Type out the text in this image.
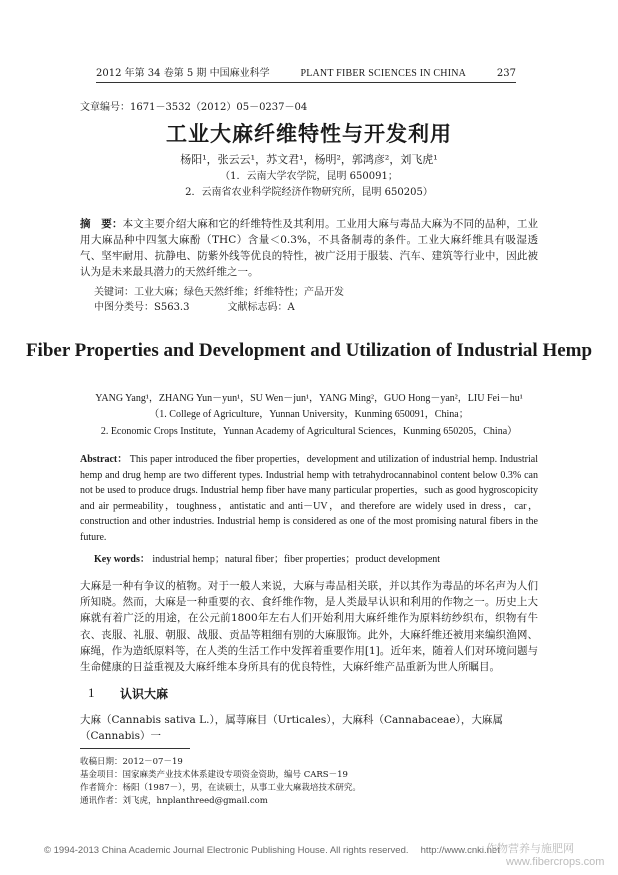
2012 年第 34 卷第 5 期 中国麻业科学	PLANT FIBER SCIENCES IN CHINA	237
文章编号：1671－3532（2012）05－0237－04
工业大麻纤维特性与开发利用
杨阳¹，张云云¹，苏文君¹，杨明²，郭鸿彦²，刘飞虎¹
（1．云南大学农学院，昆明 650091；
2．云南省农业科学院经济作物研究所，昆明 650205）
摘　要：本文主要介绍大麻和它的纤维特性及其利用。工业用大麻与毒品大麻为不同的品种，工业用大麻品种中四氢大麻酚（THC）含量＜0.3%，不具备制毒的条件。工业大麻纤维具有吸湿透气、坚牢耐用、抗静电、防紫外线等优良的特性，被广泛用于服装、汽车、建筑等行业中，因此被认为是未来最具潜力的天然纤维之一。
关键词：工业大麻；绿色天然纤维；纤维特性；产品开发
中图分类号：S563.3	文献标志码：A
Fiber Properties and Development and Utilization of Industrial Hemp
YANG Yang¹，ZHANG Yun－yun¹，SU Wen－jun¹，YANG Ming²，GUO Hong－yan²，LIU Fei－hu¹
（1. College of Agriculture，Yunnan University，Kunming 650091，China；
2. Economic Crops Institute，Yunnan Academy of Agricultural Sciences，Kunming 650205，China）
Abstract： This paper introduced the fiber properties，development and utilization of industrial hemp. Industrial hemp and drug hemp are two different types. Industrial hemp with tetrahydrocannabinol content below 0.3% can not be used to produce drugs. Industrial hemp fiber have many particular properties，such as good hygroscopicity and air permeability，toughness，antistatic and anti－UV，and therefore are widely used in dress，car，construction and other industries. Industrial hemp is considered as one of the most promising natural fibers in the future.
Key words： industrial hemp；natural fiber；fiber properties；product development
大麻是一种有争议的植物。对于一般人来说，大麻与毒品相关联，并以其作为毒品的坏名声为人们所知晓。然而，大麻是一种重要的衣、食纤维作物，是人类最早认识和利用的作物之一。历史上大麻就有着广泛的用途，在公元前1800年左右人们开始利用大麻纤维作为原料纺纱织布，织物有牛衣、丧服、礼服、朝服、战服、贡品等粗细有别的大麻服饰。此外，大麻纤维还被用来编织渔网、麻绳，作为造纸原料等，在人类的生活工作中发挥着重要作用[1]。近年来，随着人们对环境问题与生命健康的日益重视及大麻纤维本身所具有的优良特性，大麻纤维产品重新为世人所瞩目。
1 认识大麻
大麻（Cannabis sativa L.），属荨麻目（Urticales），大麻科（Cannabaceae），大麻属（Cannabis）一
收稿日期：2012－07－19
基金项目：国家麻类产业技术体系建设专项资金资助，编号 CARS－19
作者简介：杨阳（1987－），男，在读硕士，从事工业大麻栽培技术研究。
通讯作者：刘飞虎，hnplanthreed@gmail.com
© 1994-2013 China Academic Journal Electronic Publishing House. All rights reserved.　 http://www.cnki.net
作物营养与施肥网
www.fibercrops.com
